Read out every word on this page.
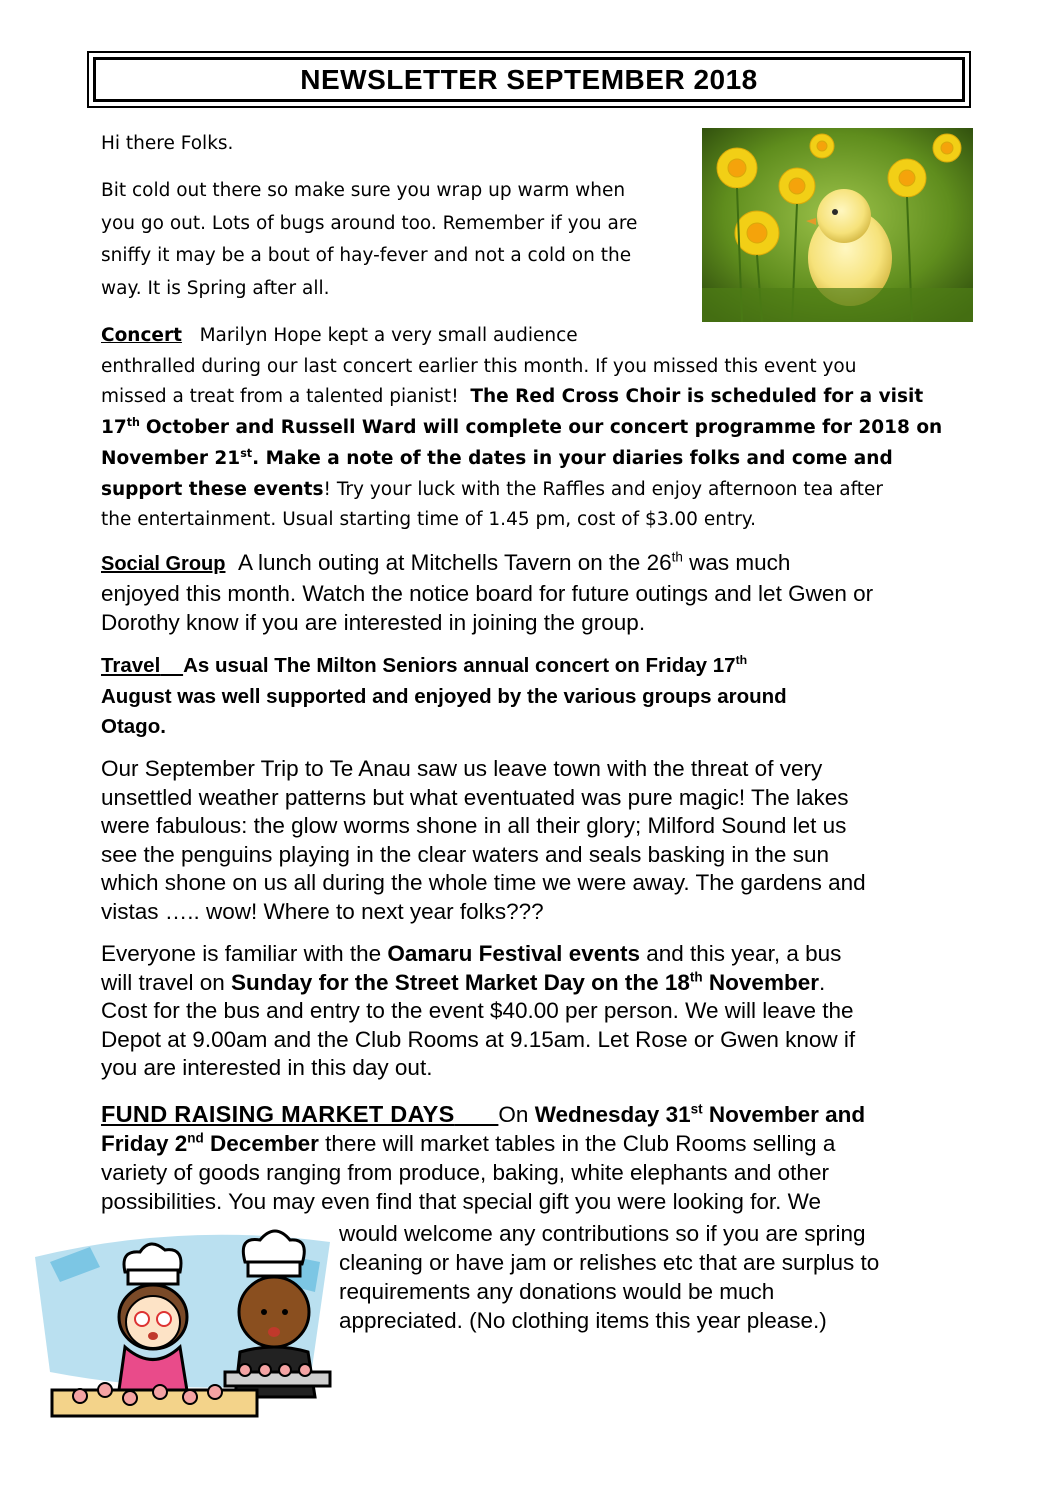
NEWSLETTER SEPTEMBER 2018

Hi there Folks.

Bit cold out there so make sure you wrap up warm when
you go out. Lots of bugs around too. Remember if you are
sniffy it may be a bout of hay-fever and not a cold on the
way. It is Spring after all.
Concert Marilyn Hope kept a very small audience
enthralled during our last concert earlier this month. If you missed this event you
missed a treat from a talented pianist! The Red Cross Choir is scheduled for a visit
17th October and Russell Ward will complete our concert programme for 2018 on
November 21st. Make a note of the dates in your diaries folks and come and
support these events! Try your luck with the Raffles and enjoy afternoon tea after
the entertainment. Usual starting time of 1.45 pm, cost of $3.00 entry.
Social Group A lunch outing at Mitchells Tavern on the 26th was much
enjoyed this month. Watch the notice board for future outings and let Gwen or
Dorothy know if you are interested in joining the group.
Travel As usual The Milton Seniors annual concert on Friday 17th
August was well supported and enjoyed by the various groups around
Otago.
Our September Trip to Te Anau saw us leave town with the threat of very
unsettled weather patterns but what eventuated was pure magic! The lakes
were fabulous: the glow worms shone in all their glory; Milford Sound let us
see the penguins playing in the clear waters and seals basking in the sun
which shone on us all during the whole time we were away. The gardens and
vistas ….. wow! Where to next year folks???
Everyone is familiar with the Oamaru Festival events and this year, a bus
will travel on Sunday for the Street Market Day on the 18th November.
Cost for the bus and entry to the event $40.00 per person. We will leave the
Depot at 9.00am and the Club Rooms at 9.15am. Let Rose or Gwen know if
you are interested in this day out.
FUND RAISING MARKET DAYS On Wednesday 31st November and
Friday 2nd December there will market tables in the Club Rooms selling a
variety of goods ranging from produce, baking, white elephants and other
possibilities. You may even find that special gift you were looking for. We
would welcome any contributions so if you are spring
cleaning or have jam or relishes etc that are surplus to
requirements any donations would be much
appreciated. (No clothing items this year please.)
